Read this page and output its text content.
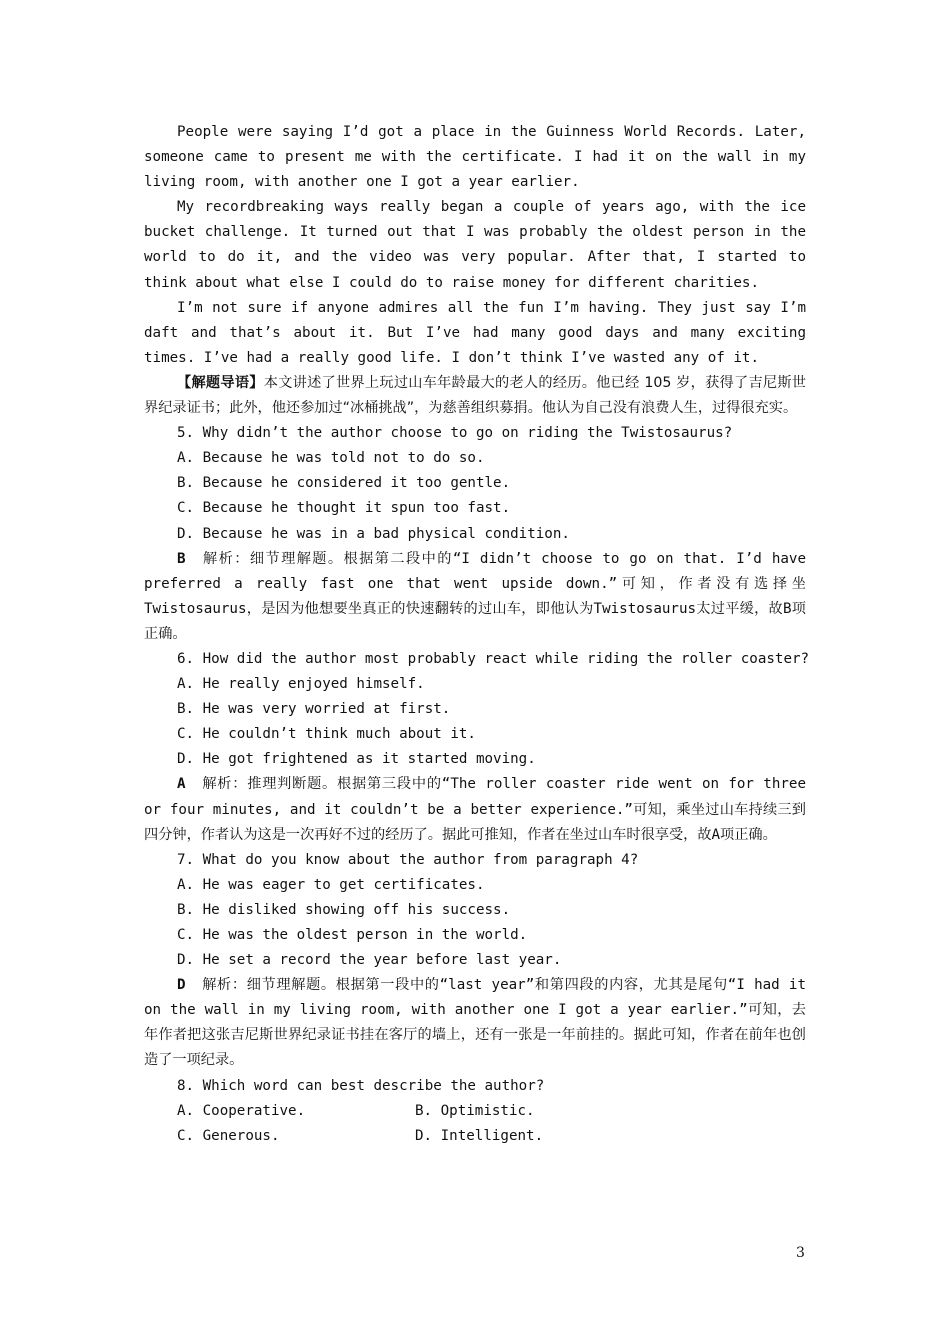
People were saying I’d got a place in the Guinness World Records. Later, someone came to present me with the certificate. I had it on the wall in my living room, with another one I got a year earlier.

My recordbreaking ways really began a couple of years ago, with the ice bucket challenge. It turned out that I was probably the oldest person in the world to do it, and the video was very popular. After that, I started to think about what else I could do to raise money for different charities.

I’m not sure if anyone admires all the fun I’m having. They just say I’m daft and that’s about it. But I’ve had many good days and many exciting times. I’ve had a really good life. I don’t think I’ve wasted any of it.

【解题导语】本文讲述了世界上玩过山车年龄最大的老人的经历。他已经 105 岁，获得了吉尼斯世界纪录证书；此外，他还参加过“冰桶挑战”，为慈善组织募捐。他认为自己没有浪费人生，过得很充实。

5. Why didn’t the author choose to go on riding the Twistosaurus?

A. Because he was told not to do so.

B. Because he considered it too gentle.

C. Because he thought it spun too fast.

D. Because he was in a bad physical condition.

B 解析：细节理解题。根据第二段中的“I didn’t choose to go on that. I’d have preferred a really fast one that went upside down.”可知，作者没有选择坐Twistosaurus，是因为他想要坐真正的快速翻转的过山车，即他认为Twistosaurus太过平缓，故B项正确。

6. How did the author most probably react while riding the roller coaster?

A. He really enjoyed himself.

B. He was very worried at first.

C. He couldn’t think much about it.

D. He got frightened as it started moving.

A 解析：推理判断题。根据第三段中的“The roller coaster ride went on for three or four minutes, and it couldn’t be a better experience.”可知，乘坐过山车持续三到四分钟，作者认为这是一次再好不过的经历了。据此可推知，作者在坐过山车时很享受，故A项正确。

7. What do you know about the author from paragraph 4?

A. He was eager to get certificates.

B. He disliked showing off his success.

C. He was the oldest person in the world.

D. He set a record the year before last year.

D 解析：细节理解题。根据第一段中的“last year”和第四段的内容，尤其是尾句“I had it on the wall in my living room, with another one I got a year earlier.”可知，去年作者把这张吉尼斯世界纪录证书挂在客厅的墙上，还有一张是一年前挂的。据此可知，作者在前年也创造了一项纪录。

8. Which word can best describe the author?

A. Cooperative.	B. Optimistic.
C. Generous.	D. Intelligent.
3
